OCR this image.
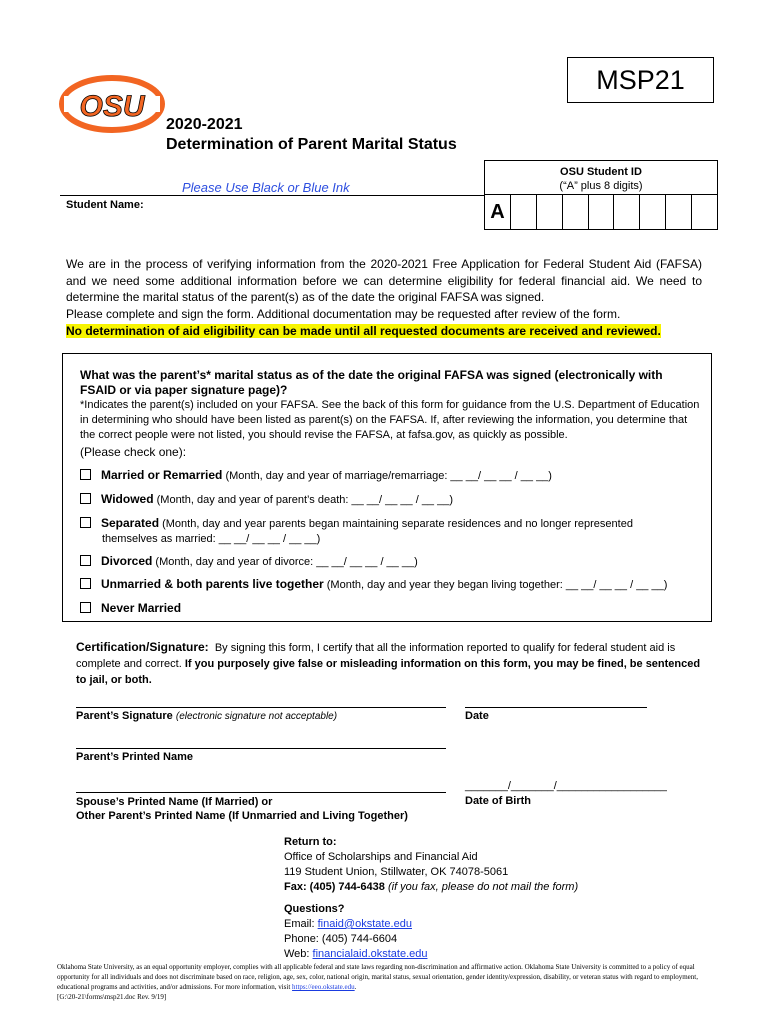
OSU
MSP21
2020-2021
Determination of Parent Marital Status
Please Use Black or Blue Ink
Student Name:
OSU Student ID
(“A” plus 8 digits)
A
We are in the process of verifying information from the 2020-2021 Free Application for Federal Student Aid (FAFSA) and we need some additional information before we can determine eligibility for federal financial aid. We need to determine the marital status of the parent(s) as of the date the original FAFSA was signed.
Please complete and sign the form. Additional documentation may be requested after review of the form.
No determination of aid eligibility can be made until all requested documents are received and reviewed.
What was the parent’s* marital status as of the date the original FAFSA was signed (electronically with FSAID or via paper signature page)?
*Indicates the parent(s) included on your FAFSA. See the back of this form for guidance from the U.S. Department of Education in determining who should have been listed as parent(s) on the FAFSA. If, after reviewing the information, you determine that the correct people were not listed, you should revise the FAFSA, at fafsa.gov, as quickly as possible.
(Please check one):
Married or Remarried (Month, day and year of marriage/remarriage: __ __/ __ __ / __ __)
Widowed (Month, day and year of parent’s death: __ __/ __ __ / __ __)
Separated (Month, day and year parents began maintaining separate residences and no longer represented
themselves as married: __ __/ __ __ / __ __)
Divorced (Month, day and year of divorce: __ __/ __ __ / __ __)
Unmarried & both parents live together (Month, day and year they began living together: __ __/ __ __ / __ __)
Never Married
Certification/Signature: By signing this form, I certify that all the information reported to qualify for federal student aid is complete and correct. If you purposely give false or misleading information on this form, you may be fined, be sentenced to jail, or both.
Parent’s Signature (electronic signature not acceptable)	Date
Parent’s Printed Name
Spouse’s Printed Name (If Married) or
Other Parent’s Printed Name (If Unmarried and Living Together)
_______/_______/__________________
Date of Birth
Return to:
Office of Scholarships and Financial Aid
119 Student Union, Stillwater, OK 74078-5061
Fax: (405) 744-6438 (if you fax, please do not mail the form)
Questions?
Email: finaid@okstate.edu
Phone: (405) 744-6604
Web: financialaid.okstate.edu
Oklahoma State University, as an equal opportunity employer, complies with all applicable federal and state laws regarding non-discrimination and affirmative action. Oklahoma State University is committed to a policy of equal opportunity for all individuals and does not discriminate based on race, religion, age, sex, color, national origin, marital status, sexual orientation, gender identity/expression, disability, or veteran status with regard to employment, educational programs and activities, and/or admissions. For more information, visit https://eeo.okstate.edu.
[G:\20-21\forms\msp21.doc Rev. 9/19]
